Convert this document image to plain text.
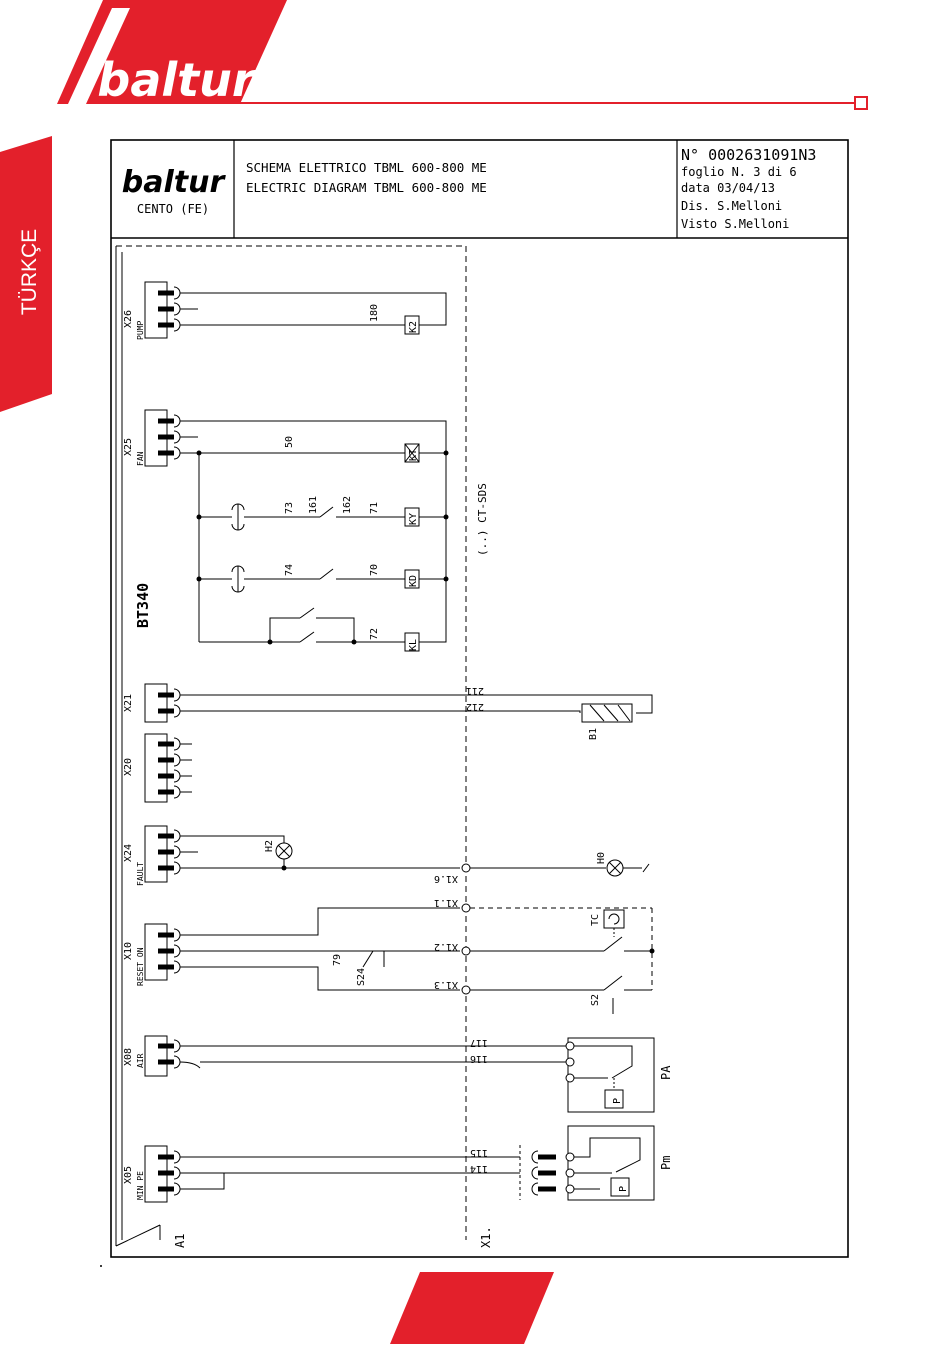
baltur
TÜRKÇE
baltur
CENTO (FE)
SCHEMA ELETTRICO TBML 600-800 ME
ELECTRIC DIAGRAM TBML 600-800 ME
N° 0002631091N3
foglio N. 3 di 6
data 03/04/13
Dis. S.Melloni
Visto S.Melloni
BT340
A1	X1.
(..) CT-SDS
X26
PUMP
X25
FAN
X21
X20
X24
FAULT
X10 RESET ON
X08 AIR
X05 MIN PE
180
50
73 161 162 71
74	70
72
211
212
79
117
116
115
114
K2
KT
KY
KD
KL
B1
H2
H0
S24
TC
S2
PA
Pm
P
P
X1.6
X1.1
X1.2
X1.3
